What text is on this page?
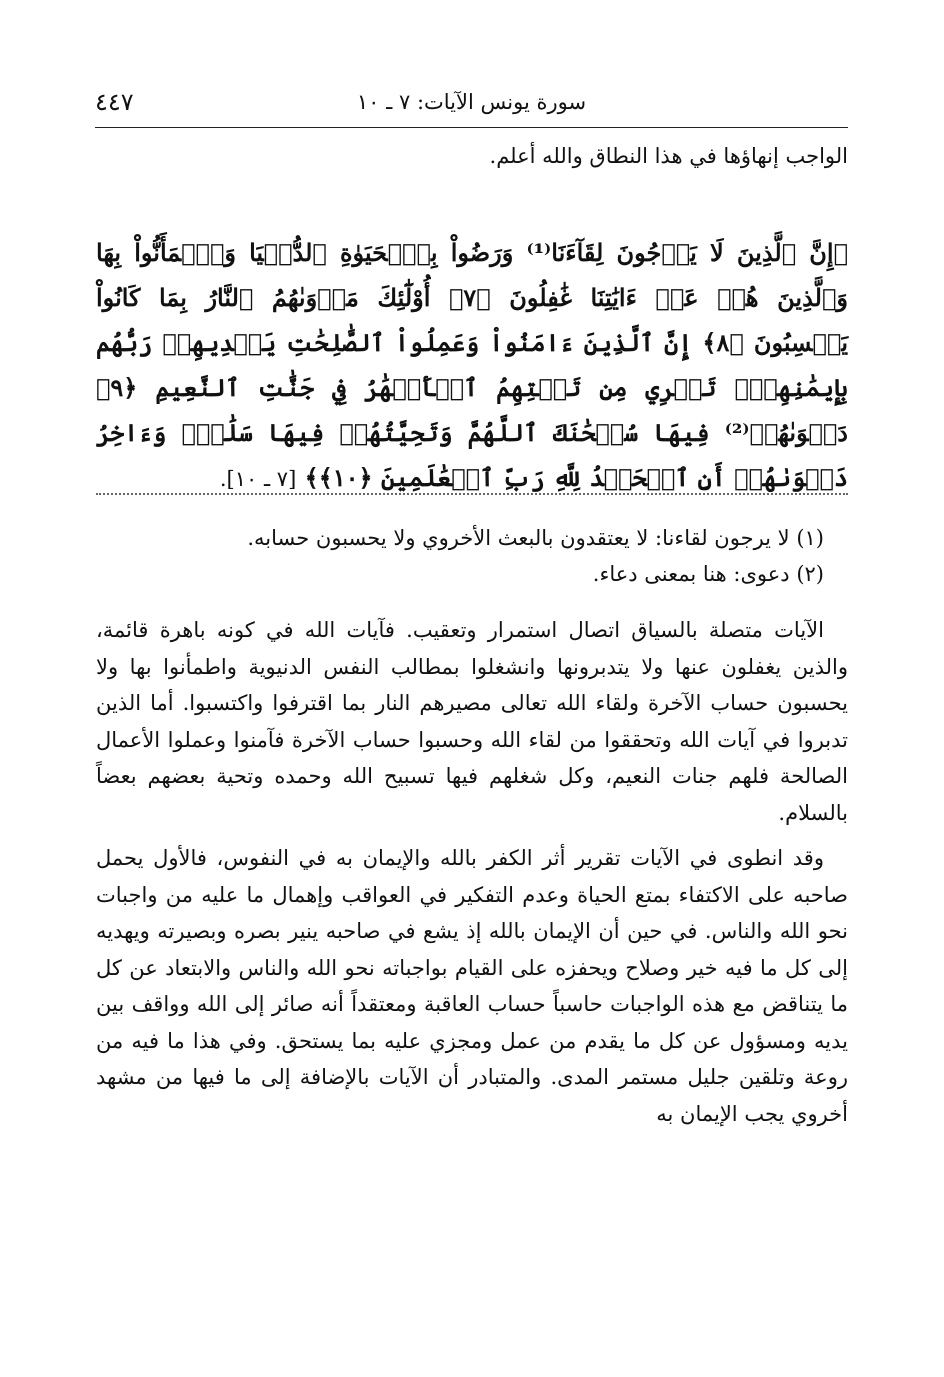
سورة يونس الآيات: ٧ ـ ١٠
٤٤٧
الواجب إنهاؤها في هذا النطاق والله أعلم.
﴿إِنَّ ٱلَّذِينَ لَا يَرۡجُونَ لِقَآءَنَا⁽¹⁾ وَرَضُواْ بِٱلۡحَيَوٰةِ ٱلدُّنۡيَا وَٱطۡمَأَنُّواْ بِهَا وَٱلَّذِينَ هُمۡ عَنۡ ءَايَٰتِنَا غَٰفِلُونَ ﴿٧﴾ أُوْلَٰٓئِكَ مَأۡوَىٰهُمُ ٱلنَّارُ بِمَا كَانُواْ يَكۡسِبُونَ ﴿٨﴾ إِنَّ ٱلَّذِينَ ءَامَنُواْ وَعَمِلُواْ ٱلصَّٰلِحَٰتِ يَهۡدِيهِمۡ رَبُّهُم بِإِيمَٰنِهِمۡۖ تَجۡرِي مِن تَحۡتِهِمُ ٱلۡأَنۡهَٰرُ فِي جَنَّٰتِ ٱلنَّعِيمِ ﴿٩﴾ دَعۡوَىٰهُمۡ⁽²⁾ فِيهَا سُبۡحَٰنَكَ ٱللَّهُمَّ وَتَحِيَّتُهُمۡ فِيهَا سَلَٰمٞۚ وَءَاخِرُ دَعۡوَىٰهُمۡ أَنِ ٱلۡحَمۡدُ لِلَّهِ رَبِّ ٱلۡعَٰلَمِينَ ﴿١٠﴾﴾ [٧ ـ ١٠].
(١) لا يرجون لقاءنا: لا يعتقدون بالبعث الأخروي ولا يحسبون حسابه.
(٢) دعوى: هنا بمعنى دعاء.

الآيات متصلة بالسياق اتصال استمرار وتعقيب. فآيات الله في كونه باهرة قائمة، والذين يغفلون عنها ولا يتدبرونها وانشغلوا بمطالب النفس الدنيوية واطمأنوا بها ولا يحسبون حساب الآخرة ولقاء الله تعالى مصيرهم النار بما اقترفوا واكتسبوا. أما الذين تدبروا في آيات الله وتحققوا من لقاء الله وحسبوا حساب الآخرة فآمنوا وعملوا الأعمال الصالحة فلهم جنات النعيم، وكل شغلهم فيها تسبيح الله وحمده وتحية بعضهم بعضاً بالسلام.

وقد انطوى في الآيات تقرير أثر الكفر بالله والإيمان به في النفوس، فالأول يحمل صاحبه على الاكتفاء بمتع الحياة وعدم التفكير في العواقب وإهمال ما عليه من واجبات نحو الله والناس. في حين أن الإيمان بالله إذ يشع في صاحبه ينير بصره وبصيرته ويهديه إلى كل ما فيه خير وصلاح ويحفزه على القيام بواجباته نحو الله والناس والابتعاد عن كل ما يتناقض مع هذه الواجبات حاسباً حساب العاقبة ومعتقداً أنه صائر إلى الله وواقف بين يديه ومسؤول عن كل ما يقدم من عمل ومجزي عليه بما يستحق. وفي هذا ما فيه من روعة وتلقين جليل مستمر المدى. والمتبادر أن الآيات بالإضافة إلى ما فيها من مشهد أخروي يجب الإيمان به
